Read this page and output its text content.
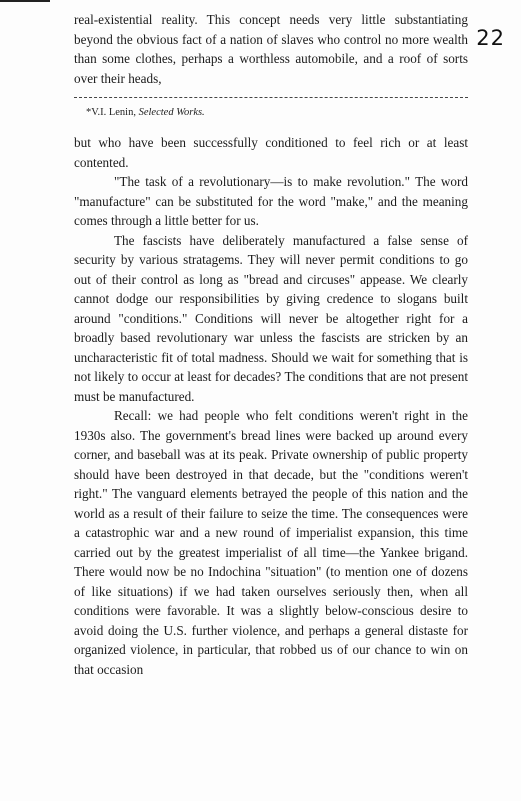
22

real-existential reality. This concept needs very little substantiating beyond the obvious fact of a nation of slaves who control no more wealth than some clothes, perhaps a worthless automobile, and a roof of sorts over their heads,

*V.I. Lenin, Selected Works.

but who have been successfully conditioned to feel rich or at least contented.

"The task of a revolutionary—is to make revolution." The word "manufacture" can be substituted for the word "make," and the meaning comes through a little better for us.

The fascists have deliberately manufactured a false sense of security by various stratagems. They will never permit conditions to go out of their control as long as "bread and circuses" appease. We clearly cannot dodge our responsibilities by giving credence to slogans built around "conditions." Conditions will never be altogether right for a broadly based revolutionary war unless the fascists are stricken by an uncharacteristic fit of total madness. Should we wait for something that is not likely to occur at least for decades? The conditions that are not present must be manufactured.

Recall: we had people who felt conditions weren't right in the 1930s also. The government's bread lines were backed up around every corner, and baseball was at its peak. Private ownership of public property should have been destroyed in that decade, but the "conditions weren't right." The vanguard elements betrayed the people of this nation and the world as a result of their failure to seize the time. The consequences were a catastrophic war and a new round of imperialist expansion, this time carried out by the greatest imperialist of all time—the Yankee brigand. There would now be no Indochina "situation" (to mention one of dozens of like situations) if we had taken ourselves seriously then, when all conditions were favorable. It was a slightly below-conscious desire to avoid doing the U.S. further violence, and perhaps a general distaste for organized violence, in particular, that robbed us of our chance to win on that occasion
